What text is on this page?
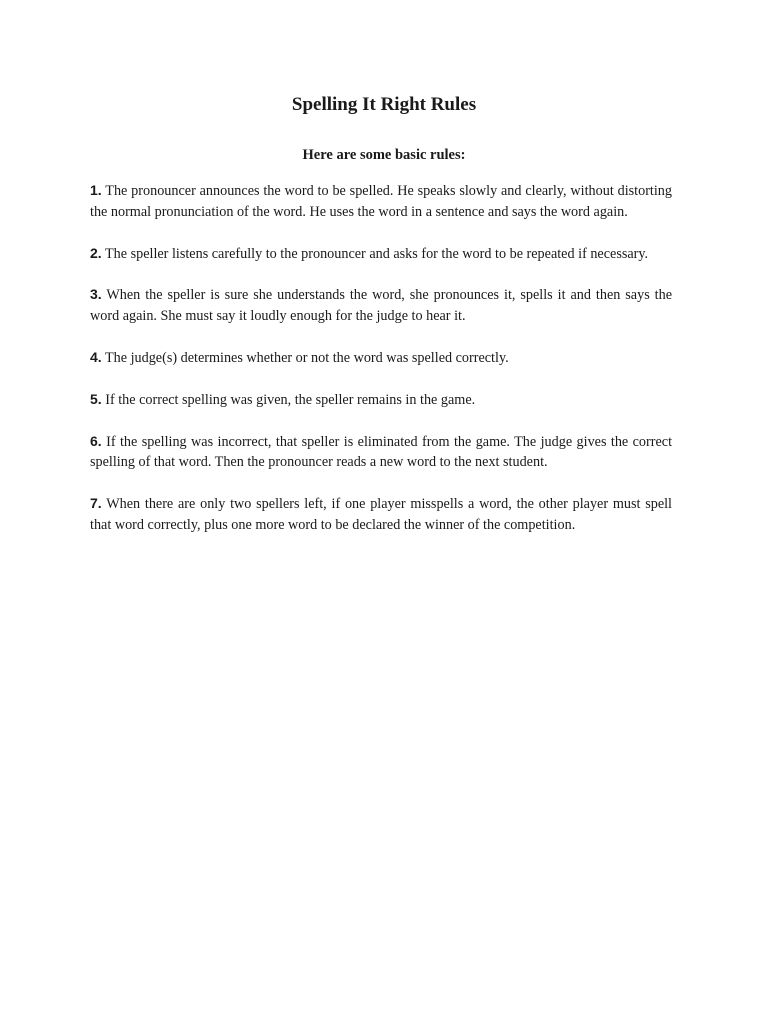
Spelling It Right Rules
Here are some basic rules:
1. The pronouncer announces the word to be spelled. He speaks slowly and clearly, without distorting the normal pronunciation of the word. He uses the word in a sentence and says the word again.
2. The speller listens carefully to the pronouncer and asks for the word to be repeated if necessary.
3. When the speller is sure she understands the word, she pronounces it, spells it and then says the word again. She must say it loudly enough for the judge to hear it.
4. The judge(s) determines whether or not the word was spelled correctly.
5. If the correct spelling was given, the speller remains in the game.
6. If the spelling was incorrect, that speller is eliminated from the game. The judge gives the correct spelling of that word. Then the pronouncer reads a new word to the next student.
7. When there are only two spellers left, if one player misspells a word, the other player must spell that word correctly, plus one more word to be declared the winner of the competition.
